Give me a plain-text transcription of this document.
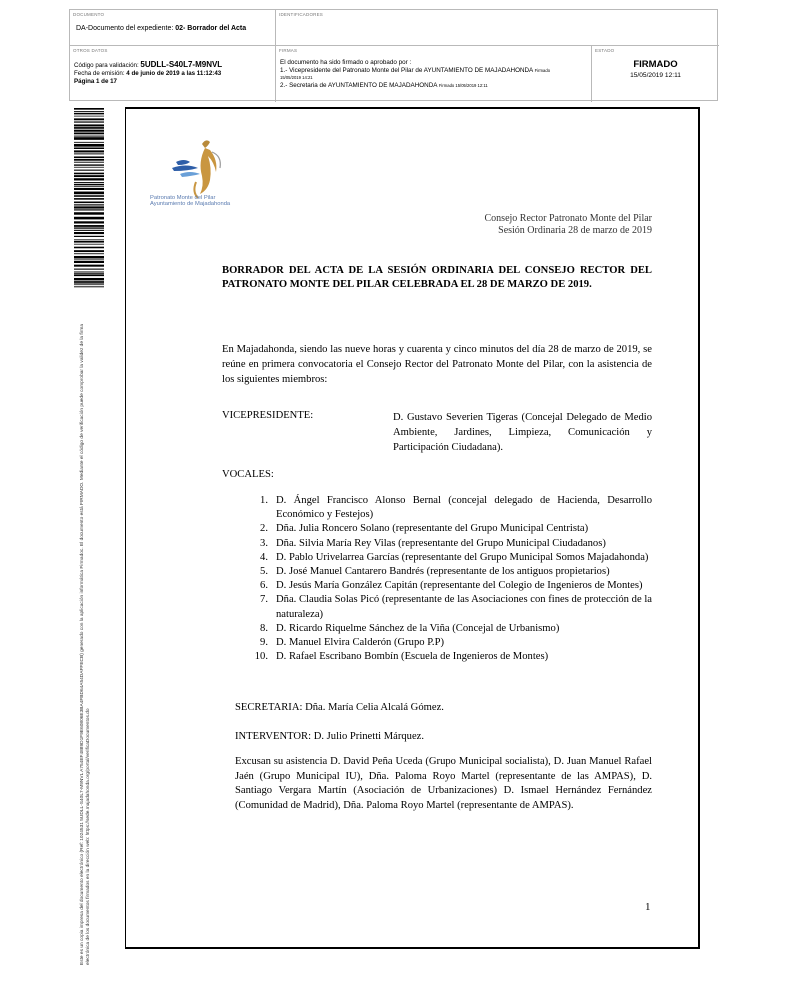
DOCUMENTO
DA-Documento del expediente: 02- Borrador del Acta
IDENTIFICADORES
OTROS DATOS
Código para validación: 5UDLL-S40L7-M9NVL
Fecha de emisión: 4 de junio de 2019 a las 11:12:43
Página 1 de 17
FIRMAS
El documento ha sido firmado o aprobado por :
1.- Vicepresidente del Patronato Monte del Pilar de AYUNTAMIENTO DE MAJADAHONDA Firmado
15/05/2019 14:21
2.- Secretaria de AYUNTAMIENTO DE MAJADAHONDA Firmado 15/05/2019 12:11
ESTADO
FIRMADO
15/05/2019 12:11
Este es un copia impresa del documento electrónico (Ref: 1024531 5UDLL-S40L7-M9NVL A754EF4889D1F9E60806E3BA4FBD64A54DAFFECB) generado con la aplicación informática Firmadoc. El documento está FIRMADO. Mediante el código de verificación puede comprobar la validez de la firma electrónica de los documentos firmados en la dirección web: https://sede.majadahonda.org/portal/verificaDocumentos.do
Patronato Monte del Pilar
Ayuntamiento de Majadahonda
Consejo Rector Patronato Monte del Pilar
Sesión Ordinaria 28 de marzo de 2019
BORRADOR DEL ACTA DE LA SESIÓN ORDINARIA DEL CONSEJO RECTOR DEL PATRONATO MONTE DEL PILAR CELEBRADA EL 28 DE MARZO DE 2019.
En Majadahonda, siendo las nueve horas y cuarenta y cinco minutos del día 28 de marzo de 2019, se reúne en primera convocatoria el Consejo Rector del Patronato Monte del Pilar, con la asistencia de los siguientes miembros:
VICEPRESIDENTE:	D. Gustavo Severien Tigeras (Concejal Delegado de Medio Ambiente, Jardines, Limpieza, Comunicación y Participación Ciudadana).
VOCALES:
1. D. Ángel Francisco Alonso Bernal (concejal delegado de Hacienda, Desarrollo Económico y Festejos)
2. Dña. Julia Roncero Solano (representante del Grupo Municipal Centrista)
3. Dña. Silvia María Rey Vilas (representante del Grupo Municipal Ciudadanos)
4. D. Pablo Urivelarrea Garcías (representante del Grupo Municipal Somos Majadahonda)
5. D. José Manuel Cantarero Bandrés (representante de los antiguos propietarios)
6. D. Jesús María González Capitán (representante del Colegio de Ingenieros de Montes)
7. Dña. Claudia Solas Picó (representante de las Asociaciones con fines de protección de la naturaleza)
8. D. Ricardo Riquelme Sánchez de la Viña (Concejal de Urbanismo)
9. D. Manuel Elvira Calderón (Grupo P.P)
10. D. Rafael Escribano Bombín (Escuela de Ingenieros de Montes)
SECRETARIA: Dña. María Celia Alcalá Gómez.
INTERVENTOR: D. Julio Prinetti Márquez.
Excusan su asistencia D. David Peña Uceda (Grupo Municipal socialista), D. Juan Manuel Rafael Jaén (Grupo Municipal IU), Dña. Paloma Royo Martel (representante de las AMPAS), D. Santiago Vergara Martín (Asociación de Urbanizaciones) D. Ismael Hernández Fernández (Comunidad de Madrid), Dña. Paloma Royo Martel (representante de AMPAS).
1
